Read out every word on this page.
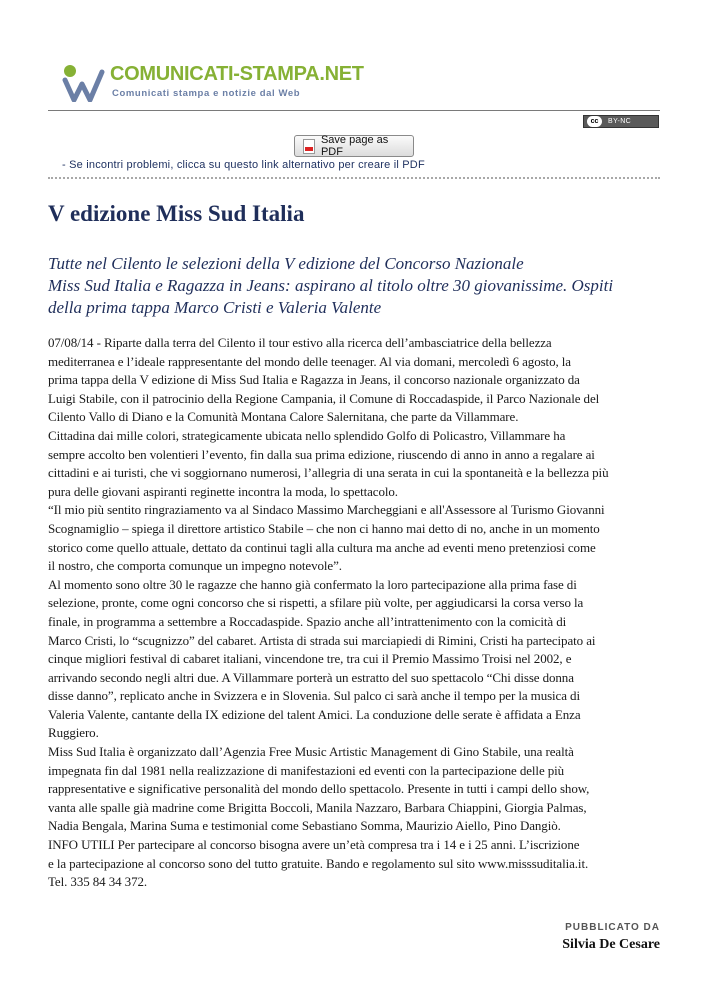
COMUNICATI-STAMPA.NET
Comunicati stampa e notizie dal Web
cc	BY-NC
Save page as PDF
- Se incontri problemi, clicca su questo link alternativo per creare il PDF
V edizione Miss Sud Italia
Tutte nel Cilento le selezioni della V edizione del Concorso Nazionale
Miss Sud Italia e Ragazza in Jeans: aspirano al titolo oltre 30 giovanissime. Ospiti
della prima tappa Marco Cristi e Valeria Valente
07/08/14 - Riparte dalla terra del Cilento il tour estivo alla ricerca dell’ambasciatrice della bellezza
mediterranea e l’ideale rappresentante del mondo delle teenager. Al via domani, mercoledì 6 agosto, la
prima tappa della V edizione di Miss Sud Italia e Ragazza in Jeans, il concorso nazionale organizzato da
Luigi Stabile, con il patrocinio della Regione Campania, il Comune di Roccadaspide, il Parco Nazionale del
Cilento Vallo di Diano e la Comunità Montana Calore Salernitana, che parte da Villammare.
Cittadina dai mille colori, strategicamente ubicata nello splendido Golfo di Policastro, Villammare ha
sempre accolto ben volentieri l’evento, fin dalla sua prima edizione, riuscendo di anno in anno a regalare ai
cittadini e ai turisti, che vi soggiornano numerosi, l’allegria di una serata in cui la spontaneità e la bellezza più
pura delle giovani aspiranti reginette incontra la moda, lo spettacolo.
“Il mio più sentito ringraziamento va al Sindaco Massimo Marcheggiani e all'Assessore al Turismo Giovanni
Scognamiglio – spiega il direttore artistico Stabile – che non ci hanno mai detto di no, anche in un momento
storico come quello attuale, dettato da continui tagli alla cultura ma anche ad eventi meno pretenziosi come
il nostro, che comporta comunque un impegno notevole”.
Al momento sono oltre 30 le ragazze che hanno già confermato la loro partecipazione alla prima fase di
selezione, pronte, come ogni concorso che si rispetti, a sfilare più volte, per aggiudicarsi la corsa verso la
finale, in programma a settembre a Roccadaspide. Spazio anche all’intrattenimento con la comicità di
Marco Cristi, lo “scugnizzo” del cabaret. Artista di strada sui marciapiedi di Rimini, Cristi ha partecipato ai
cinque migliori festival di cabaret italiani, vincendone tre, tra cui il Premio Massimo Troisi nel 2002, e
arrivando secondo negli altri due. A Villammare porterà un estratto del suo spettacolo “Chi disse donna
disse danno”, replicato anche in Svizzera e in Slovenia. Sul palco ci sarà anche il tempo per la musica di
Valeria Valente, cantante della IX edizione del talent Amici. La conduzione delle serate è affidata a Enza
Ruggiero.
Miss Sud Italia è organizzato dall’Agenzia Free Music Artistic Management di Gino Stabile, una realtà
impegnata fin dal 1981 nella realizzazione di manifestazioni ed eventi con la partecipazione delle più
rappresentative e significative personalità del mondo dello spettacolo. Presente in tutti i campi dello show,
vanta alle spalle già madrine come Brigitta Boccoli, Manila Nazzaro, Barbara Chiappini, Giorgia Palmas,
Nadia Bengala, Marina Suma e testimonial come Sebastiano Somma, Maurizio Aiello, Pino Dangiò.
INFO UTILI Per partecipare al concorso bisogna avere un’età compresa tra i 14 e i 25 anni. L’iscrizione
e la partecipazione al concorso sono del tutto gratuite. Bando e regolamento sul sito www.misssuditalia.it.
Tel. 335 84 34 372.
PUBBLICATO DA
Silvia De Cesare
